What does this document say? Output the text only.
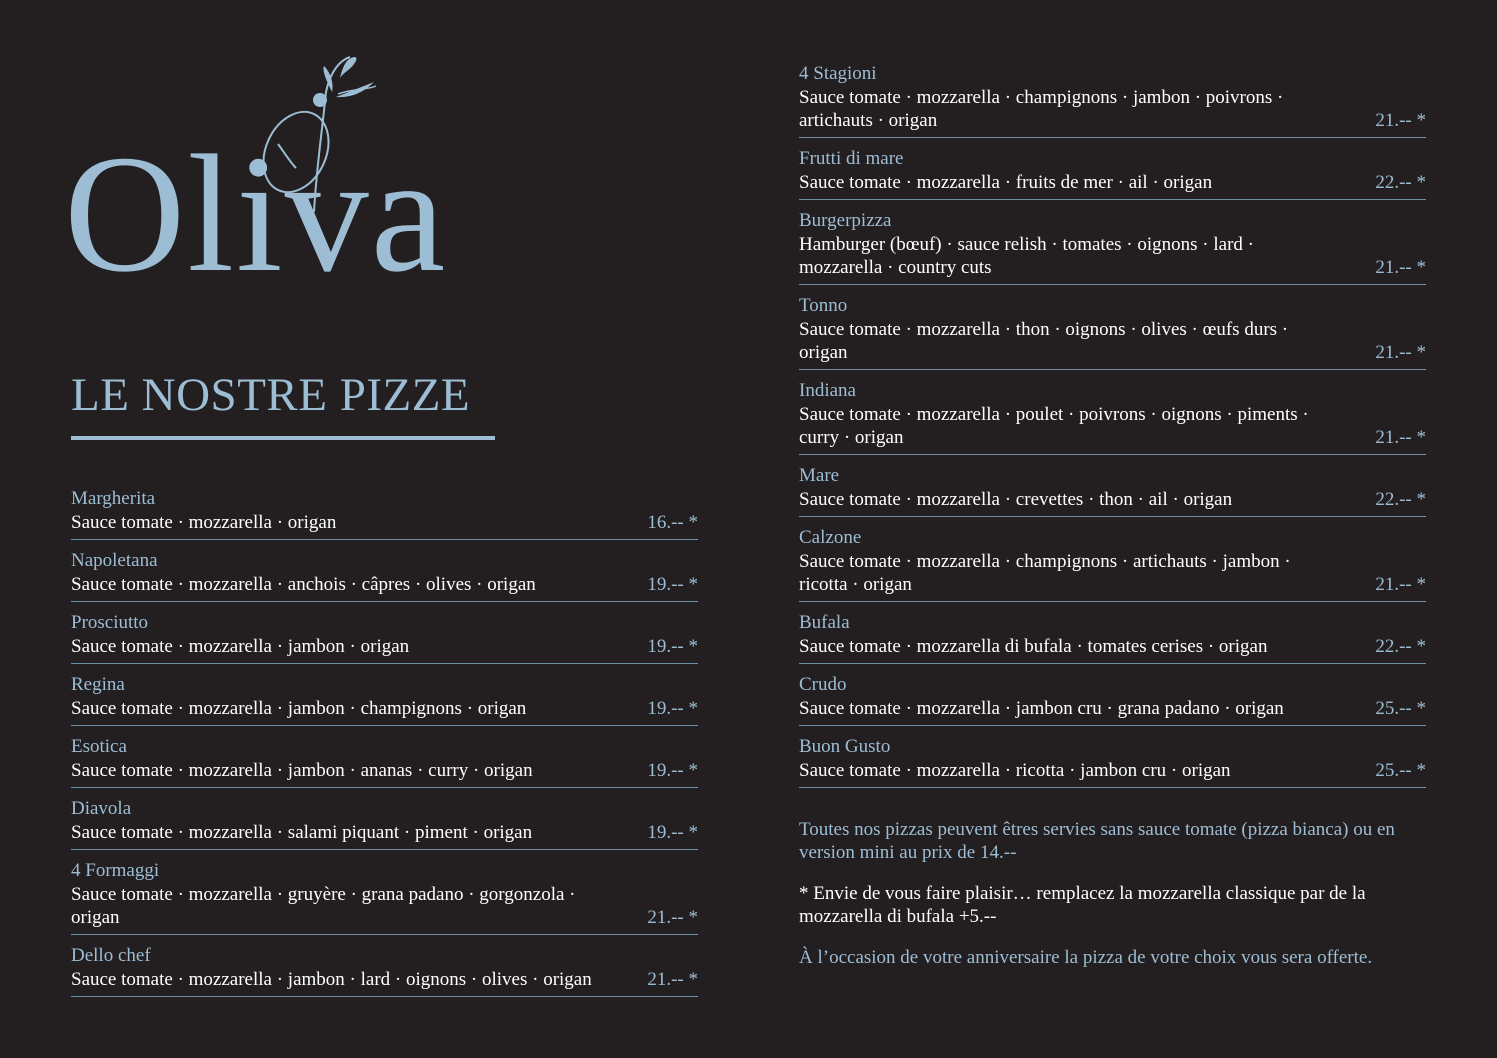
Oliva
LE NOSTRE PIZZE
Margherita
Sauce tomate · mozzarella · origan	16.-- *
Napoletana
Sauce tomate · mozzarella · anchois · câpres · olives · origan	19.-- *
Prosciutto
Sauce tomate · mozzarella · jambon · origan	19.-- *
Regina
Sauce tomate · mozzarella · jambon · champignons · origan	19.-- *
Esotica
Sauce tomate · mozzarella · jambon · ananas · curry · origan	19.-- *
Diavola
Sauce tomate · mozzarella · salami piquant · piment · origan	19.-- *
4 Formaggi
Sauce tomate · mozzarella · gruyère · grana padano · gorgonzola · origan	21.-- *
Dello chef
Sauce tomate · mozzarella · jambon · lard · oignons · olives · origan	21.-- *
4 Stagioni
Sauce tomate · mozzarella · champignons · jambon · poivrons · artichauts · origan	21.-- *
Frutti di mare
Sauce tomate · mozzarella · fruits de mer · ail · origan	22.-- *
Burgerpizza
Hamburger (bœuf) · sauce relish · tomates · oignons · lard · mozzarella · country cuts	21.-- *
Tonno
Sauce tomate · mozzarella · thon · oignons · olives · œufs durs · origan	21.-- *
Indiana
Sauce tomate · mozzarella · poulet · poivrons · oignons · piments · curry · origan	21.-- *
Mare
Sauce tomate · mozzarella · crevettes · thon · ail · origan	22.-- *
Calzone
Sauce tomate · mozzarella · champignons · artichauts · jambon · ricotta · origan	21.-- *
Bufala
Sauce tomate · mozzarella di bufala · tomates cerises · origan	22.-- *
Crudo
Sauce tomate · mozzarella · jambon cru · grana padano · origan	25.-- *
Buon Gusto
Sauce tomate · mozzarella · ricotta · jambon cru · origan	25.-- *

Toutes nos pizzas peuvent êtres servies sans sauce tomate (pizza bianca) ou en version mini au prix de 14.--

* Envie de vous faire plaisir… remplacez la mozzarella classique par de la mozzarella di bufala +5.--

À l’occasion de votre anniversaire la pizza de votre choix vous sera offerte.
